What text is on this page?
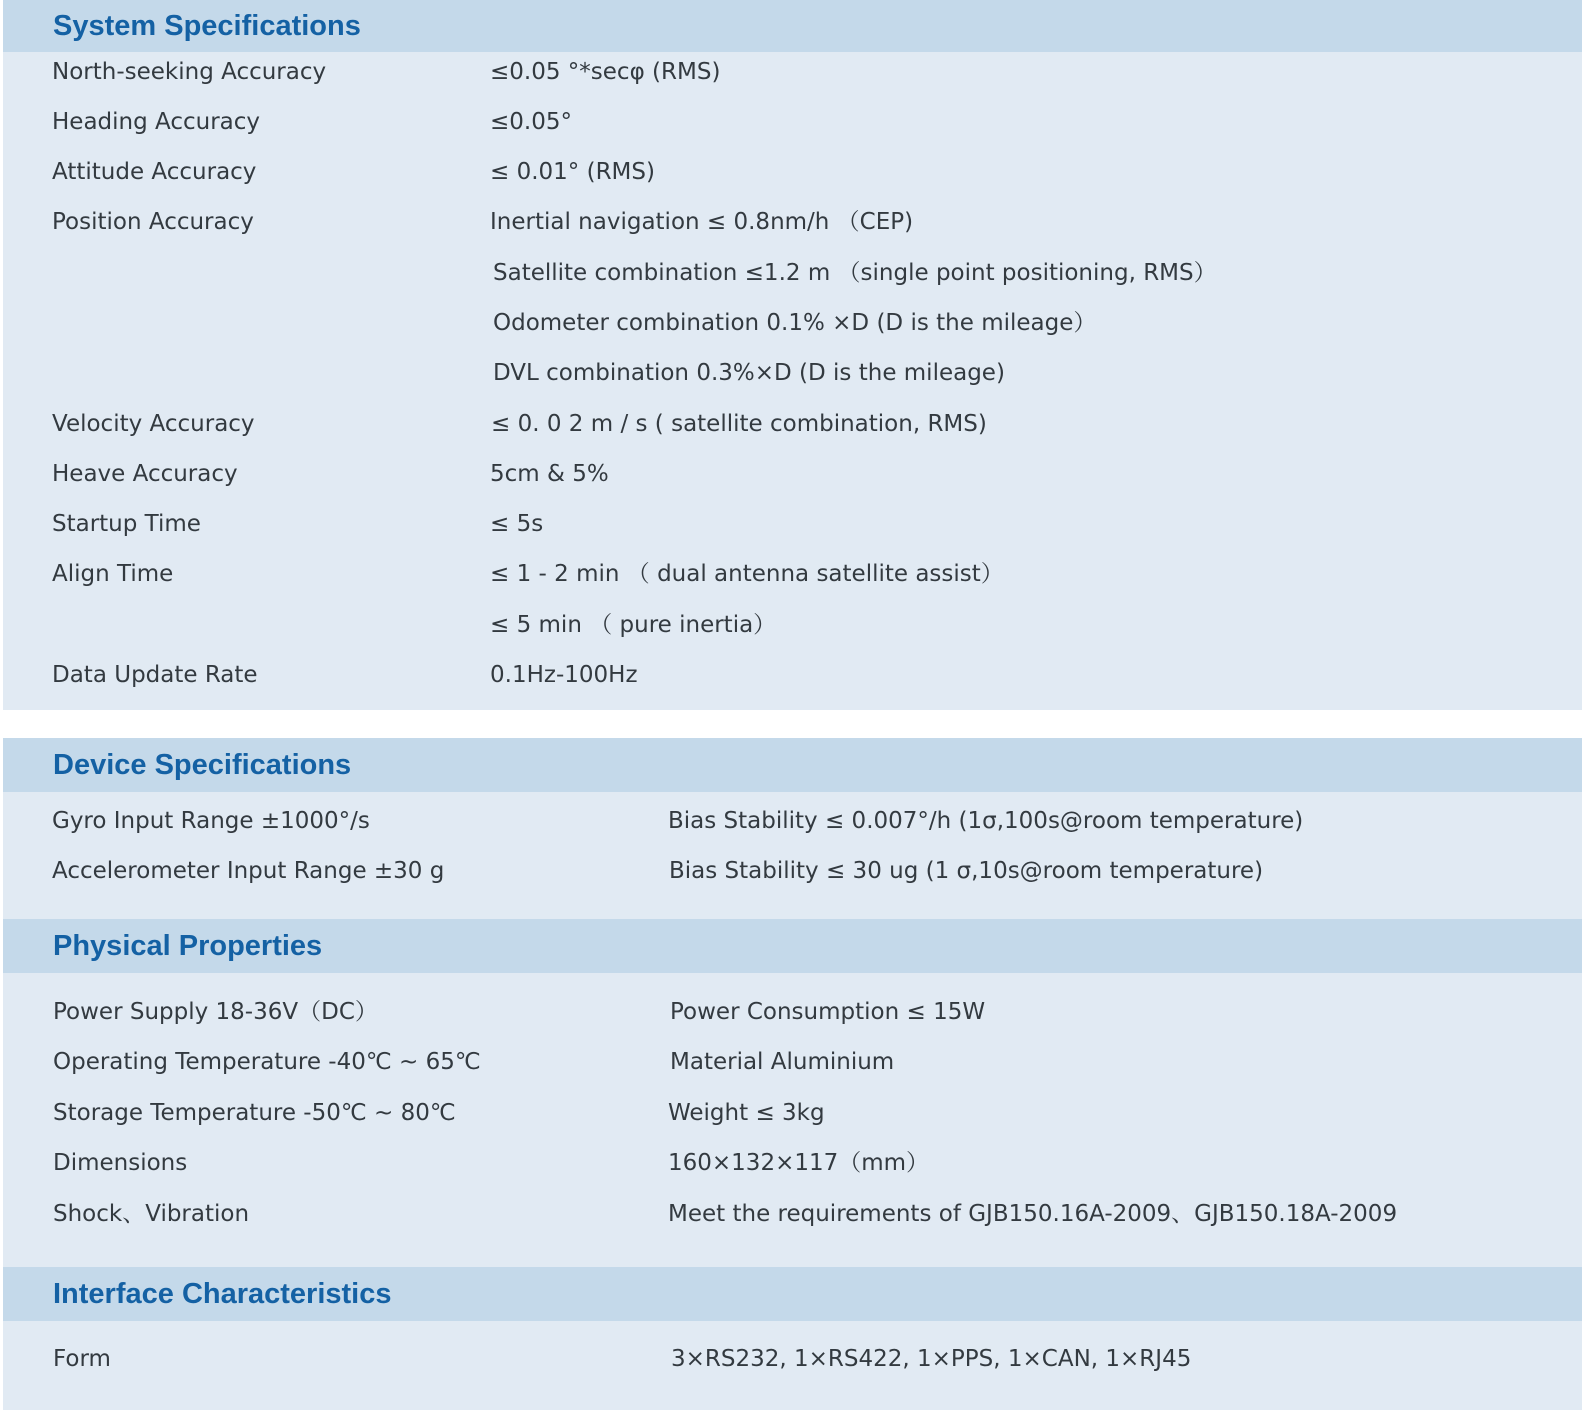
System Specifications
North-seeking Accuracy	≤0.05 °*secφ (RMS)
Heading Accuracy	≤0.05°
Attitude Accuracy	≤ 0.01° (RMS)
Position Accuracy	Inertial navigation ≤ 0.8nm/h （CEP)
Satellite combination ≤1.2 m （single point positioning, RMS）
Odometer combination 0.1% ×D (D is the mileage）
DVL combination 0.3%×D (D is the mileage)
Velocity Accuracy	≤ 0. 0 2 m / s ( satellite combination, RMS)
Heave Accuracy	5cm & 5%
Startup Time	≤ 5s
Align Time	≤ 1 - 2 min （ dual antenna satellite assist）
≤ 5 min （ pure inertia）
Data Update Rate	0.1Hz-100Hz
Device Specifications
Gyro Input Range ±1000°/s	Bias Stability ≤ 0.007°/h (1σ,100s@room temperature)
Accelerometer Input Range ±30 g	Bias Stability ≤ 30 ug (1 σ,10s@room temperature)
Physical Properties
Power Supply 18-36V（DC）	Power Consumption ≤ 15W
Operating Temperature -40℃ ~ 65℃	Material Aluminium
Storage Temperature -50℃ ~ 80℃	Weight ≤ 3kg
Dimensions	160×132×117（mm）
Shock、Vibration	Meet the requirements of GJB150.16A-2009、GJB150.18A-2009
Interface Characteristics
Form	3×RS232, 1×RS422, 1×PPS, 1×CAN, 1×RJ45
